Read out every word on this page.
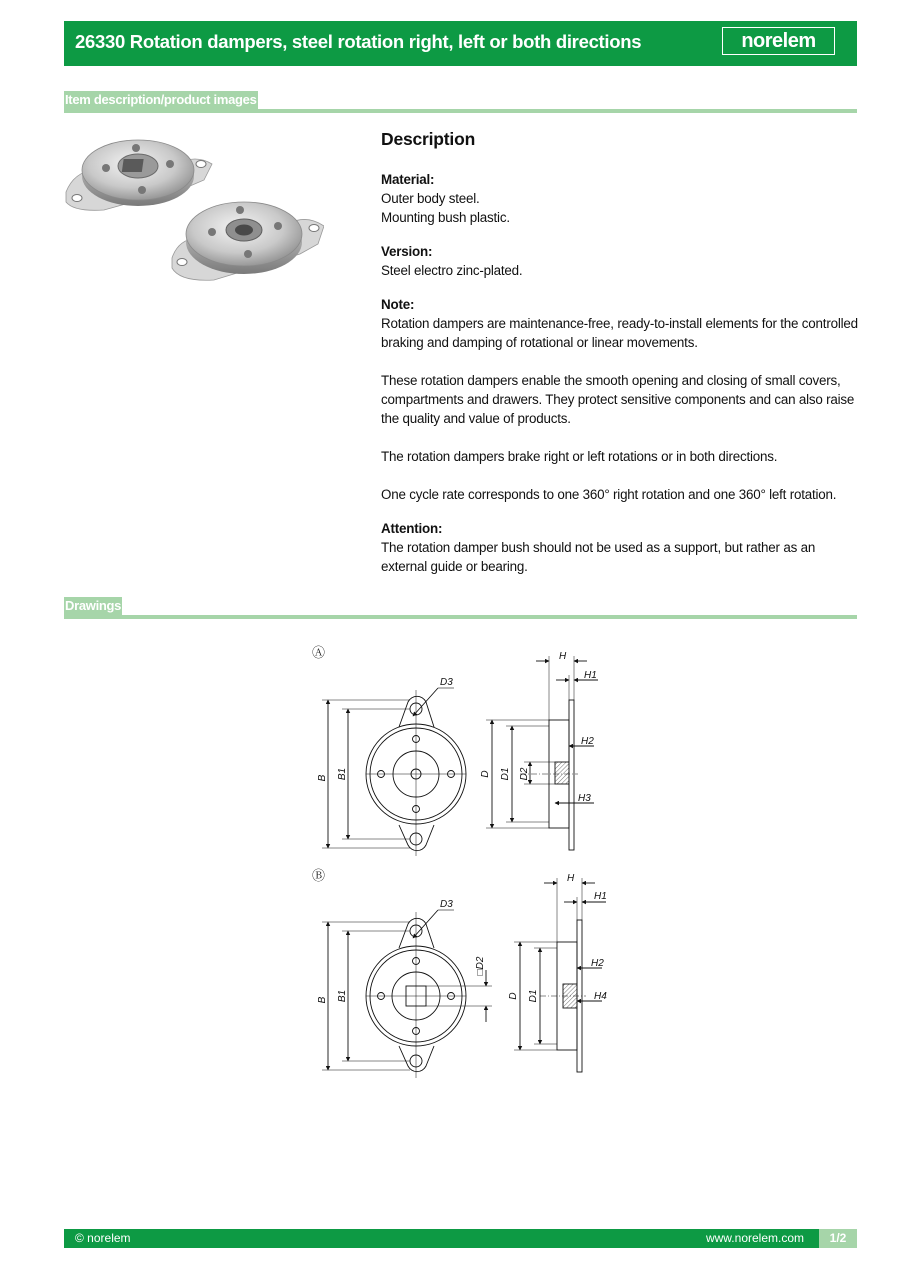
26330 Rotation dampers, steel rotation right, left or both directions	norelem
Item description/product images
Description
Material:

Outer body steel.

Mounting bush plastic.

Version:

Steel electro zinc-plated.

Note:

Rotation dampers are maintenance-free, ready-to-install elements for the controlled braking and damping of rotational or linear movements.

These rotation dampers enable the smooth opening and closing of small covers, compartments and drawers. They protect sensitive components and can also raise the quality and value of products.

The rotation dampers brake right or left rotations or in both directions.

One cycle rate corresponds to one 360° right rotation and one 360° left rotation.

Attention:

The rotation damper bush should not be used as a support, but rather as an external guide or bearing.

Drawings
Ⓐ
B B1
D3
H
H1
H2
H3
D D1 D2
Ⓑ
B B1
D3
□D2
H
H1
H2
H4
D D1
© norelem	www.norelem.com	1/2
